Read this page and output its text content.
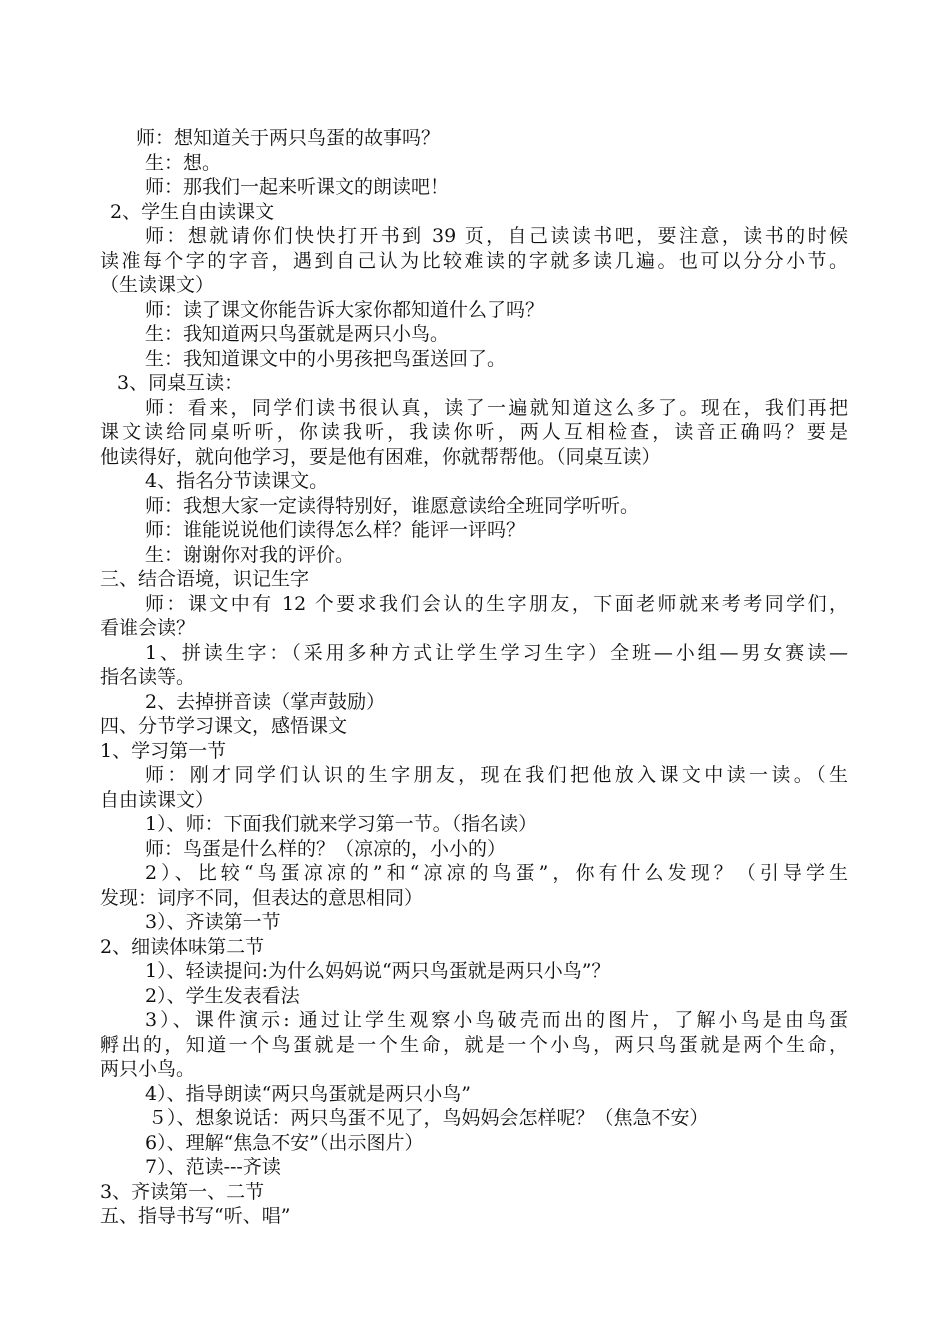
师：想知道关于两只鸟蛋的故事吗？
生：想。
师：那我们一起来听课文的朗读吧！
2、学生自由读课文
师：想就请你们快快打开书到 39 页，自己读读书吧，要注意，读书的时候
读准每个字的字音，遇到自己认为比较难读的字就多读几遍。也可以分分小节。
（生读课文）
师：读了课文你能告诉大家你都知道什么了吗？
生：我知道两只鸟蛋就是两只小鸟。
生：我知道课文中的小男孩把鸟蛋送回了。
3、同桌互读：
师：看来，同学们读书很认真，读了一遍就知道这么多了。现在，我们再把
课文读给同桌听听，你读我听，我读你听，两人互相检查，读音正确吗？要是
他读得好，就向他学习，要是他有困难，你就帮帮他。（同桌互读）
4、指名分节读课文。
师：我想大家一定读得特别好，谁愿意读给全班同学听听。
师：谁能说说他们读得怎么样？能评一评吗？
生：谢谢你对我的评价。
三、结合语境，识记生字
师：课文中有 12 个要求我们会认的生字朋友，下面老师就来考考同学们，
看谁会读？
1、拼读生字：（采用多种方式让学生学习生字）全班—小组—男女赛读—
指名读等。
2、去掉拼音读（掌声鼓励）
四、分节学习课文，感悟课文
1、学习第一节
师：刚才同学们认识的生字朋友，现在我们把他放入课文中读一读。（生
自由读课文）
1）、师：下面我们就来学习第一节。（指名读）
师：鸟蛋是什么样的？（凉凉的，小小的）
2）、比较“鸟蛋凉凉的”和“凉凉的鸟蛋”，你有什么发现？（引导学生
发现：词序不同，但表达的意思相同）
3）、齐读第一节
2、细读体味第二节
1）、轻读提问:为什么妈妈说“两只鸟蛋就是两只小鸟”？
2）、学生发表看法
3）、课件演示: 通过让学生观察小鸟破壳而出的图片，了解小鸟是由鸟蛋
孵出的，知道一个鸟蛋就是一个生命，就是一个小鸟，两只鸟蛋就是两个生命，
两只小鸟。
4）、指导朗读“两只鸟蛋就是两只小鸟”
５）、想象说话：两只鸟蛋不见了，鸟妈妈会怎样呢？（焦急不安）
6）、理解“焦急不安”（出示图片）
7）、范读---齐读
3、齐读第一、二节
五、指导书写“听、唱”
